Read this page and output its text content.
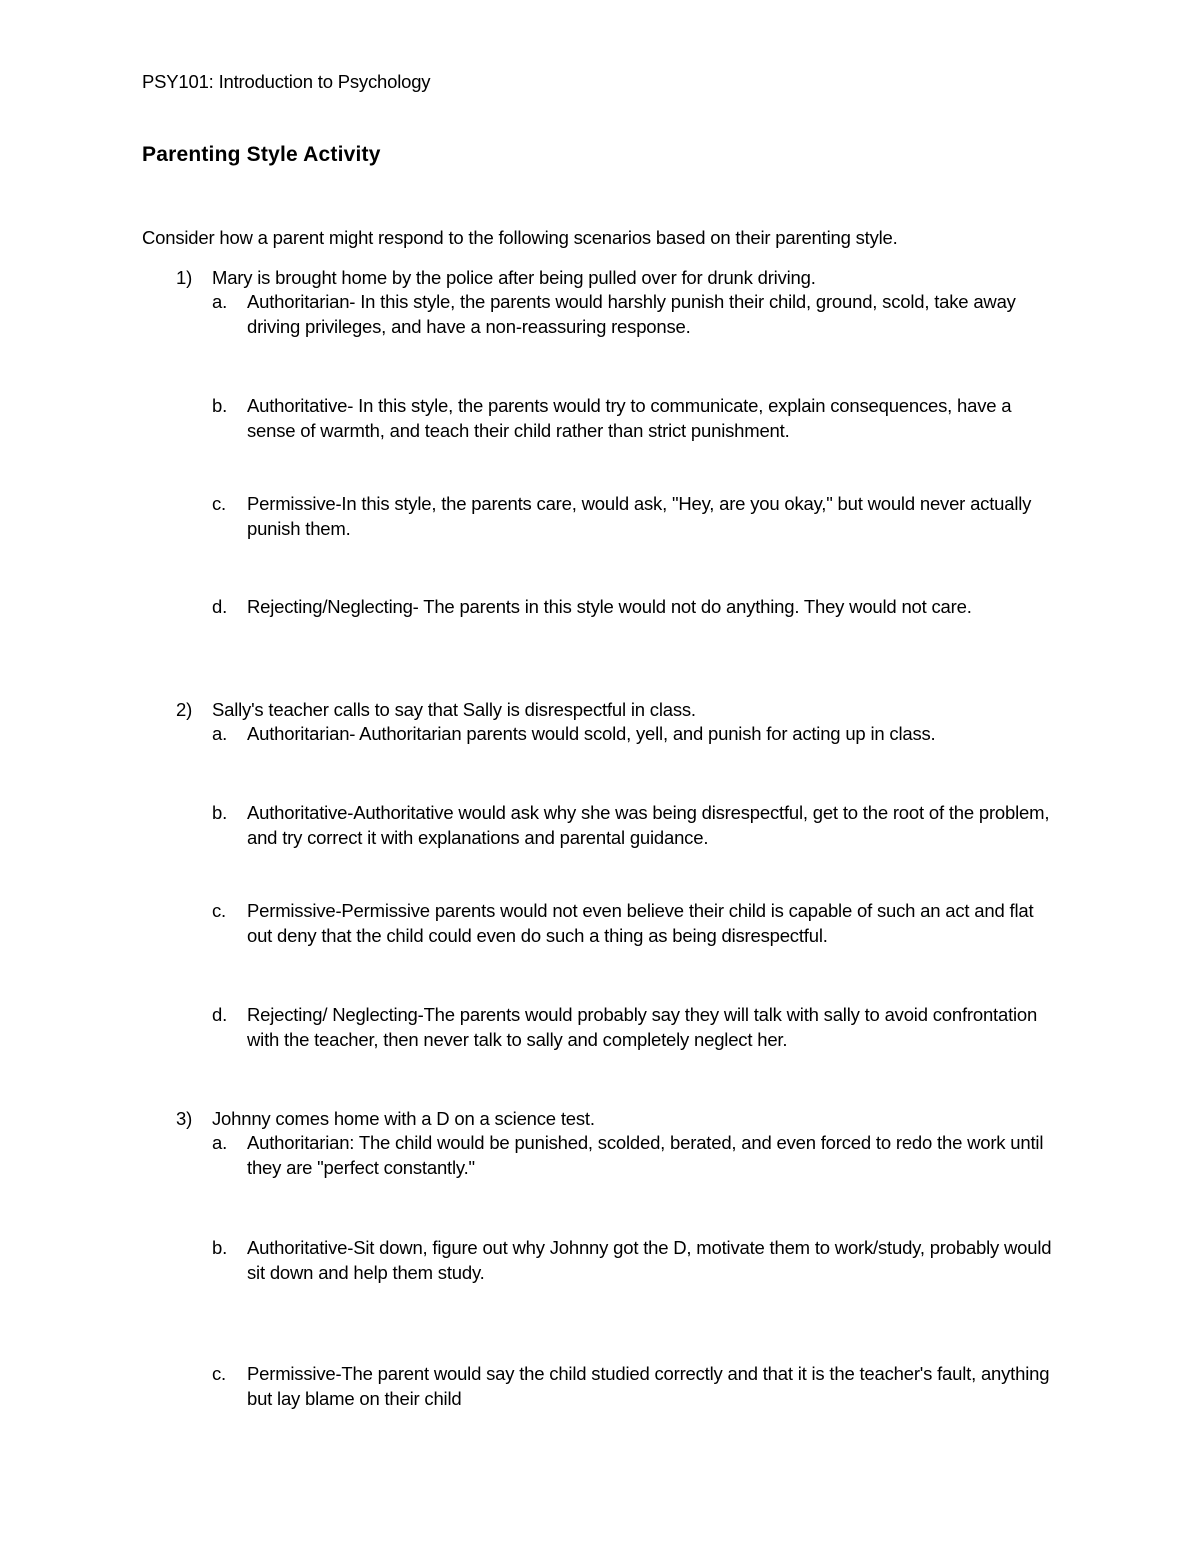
PSY101: Introduction to Psychology
Parenting Style Activity
Consider how a parent might respond to the following scenarios based on their parenting style.
1)	Mary is brought home by the police after being pulled over for drunk driving.
a. Authoritarian- In this style, the parents would harshly punish their child, ground, scold, take away driving privileges, and have a non-reassuring response.
b. Authoritative- In this style, the parents would try to communicate, explain consequences, have a sense of warmth, and teach their child rather than strict punishment.
c. Permissive-In this style, the parents care, would ask, "Hey, are you okay," but would never actually punish them.
d. Rejecting/Neglecting- The parents in this style would not do anything. They would not care.
2)	Sally's teacher calls to say that Sally is disrespectful in class.
a. Authoritarian- Authoritarian parents would scold, yell, and punish for acting up in class.
b. Authoritative-Authoritative would ask why she was being disrespectful, get to the root of the problem, and try correct it with explanations and parental guidance.
c. Permissive-Permissive parents would not even believe their child is capable of such an act and flat out deny that the child could even do such a thing as being disrespectful.
d. Rejecting/ Neglecting-The parents would probably say they will talk with sally to avoid confrontation with the teacher, then never talk to sally and completely neglect her.
3)	Johnny comes home with a D on a science test.
a. Authoritarian: The child would be punished, scolded, berated, and even forced to redo the work until they are "perfect constantly."
b. Authoritative-Sit down, figure out why Johnny got the D, motivate them to work/study, probably would sit down and help them study.
c. Permissive-The parent would say the child studied correctly and that it is the teacher's fault, anything but lay blame on their child
